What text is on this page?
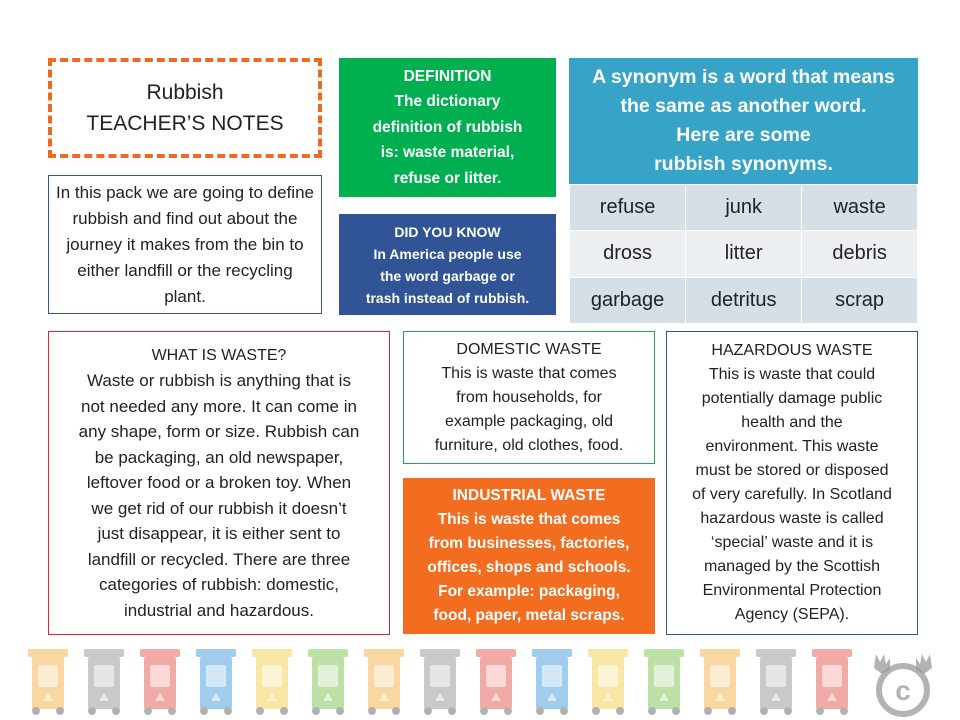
Rubbish
TEACHER’S NOTES
In this pack we are going to define rubbish and find out about the journey it makes from the bin to either landfill or the recycling plant.
DEFINITION
The dictionary
definition of rubbish
is: waste material,
refuse or litter.
DID YOU KNOW
In America people use
the word garbage or
trash instead of rubbish.
A synonym is a word that means
the same as another word.
Here are some
rubbish synonyms.
refuse	junk	waste
dross	litter	debris
garbage	detritus	scrap
WHAT IS WASTE?
Waste or rubbish is anything that is
not needed any more. It can come in
any shape, form or size. Rubbish can
be packaging, an old newspaper,
leftover food or a broken toy. When
we get rid of our rubbish it doesn’t
just disappear, it is either sent to
landfill or recycled. There are three
categories of rubbish: domestic,
industrial and hazardous.
DOMESTIC WASTE
This is waste that comes
from households, for
example packaging, old
furniture, old clothes, food.
INDUSTRIAL WASTE
This is waste that comes
from businesses, factories,
offices, shops and schools.
For example: packaging,
food, paper, metal scraps.
HAZARDOUS WASTE
This is waste that could
potentially damage public
health and the
environment. This waste
must be stored or disposed
of very carefully. In Scotland
hazardous waste is called
‘special’ waste and it is
managed by the Scottish
Environmental Protection
Agency (SEPA).
c
